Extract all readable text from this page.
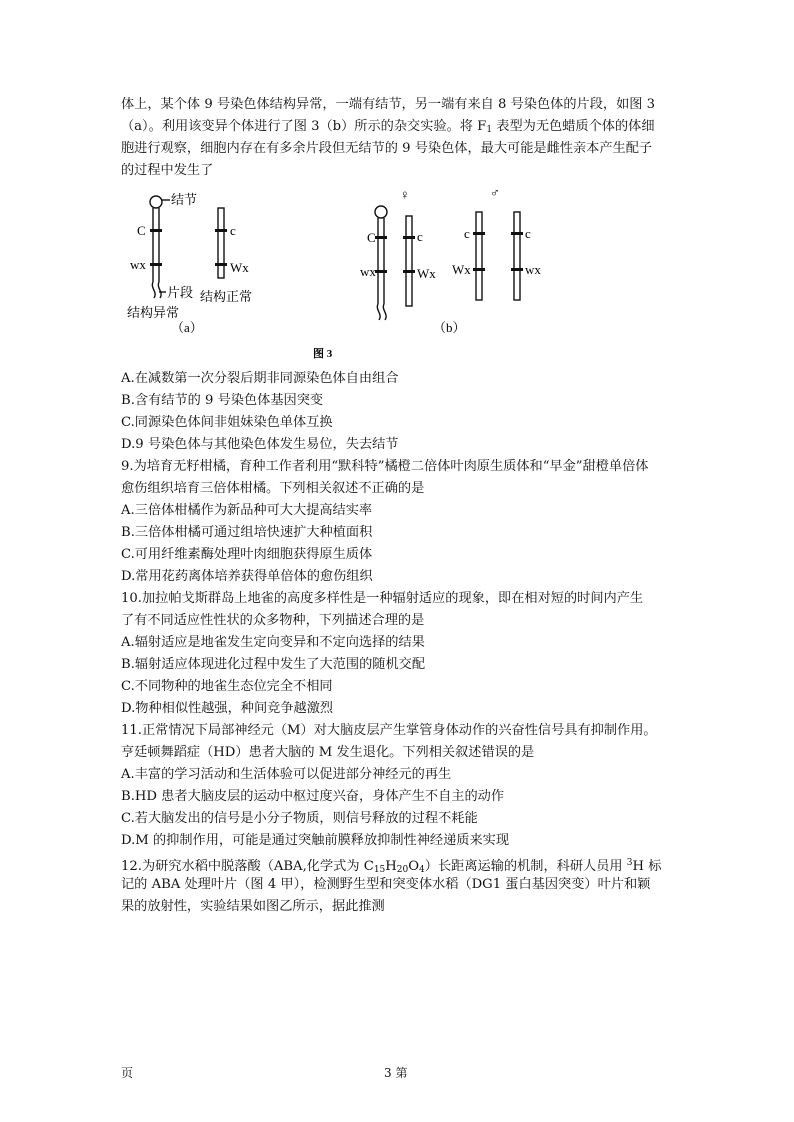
体上，某个体 9 号染色体结构异常，一端有结节，另一端有来自 8 号染色体的片段，如图 3
（a）。利用该变异个体进行了图 3（b）所示的杂交实验。将 $F_1$ 表型为无色蜡质个体的体细
胞进行观察，细胞内存在有多余片段但无结节的 9 号染色体，最大可能是雌性亲本产生配子
的过程中发生了
结节
片段
结构异常
结构正常
C
wx
c
Wx
（a）
♀	♂
C
wx
c
Wx
c
Wx
c
wx
（b）
图 3
A.在减数第一次分裂后期非同源染色体自由组合
B.含有结节的 9 号染色体基因突变
C.同源染色体间非姐妹染色单体互换
D.9 号染色体与其他染色体发生易位，失去结节
9.为培育无籽柑橘，育种工作者利用“默科特”橘橙二倍体叶肉原生质体和“早金”甜橙单倍体
愈伤组织培育三倍体柑橘。下列相关叙述不正确的是
A.三倍体柑橘作为新品种可大大提高结实率
B.三倍体柑橘可通过组培快速扩大种植面积
C.可用纤维素酶处理叶肉细胞获得原生质体
D.常用花药离体培养获得单倍体的愈伤组织
10.加拉帕戈斯群岛上地雀的高度多样性是一种辐射适应的现象，即在相对短的时间内产生
了有不同适应性性状的众多物种，下列描述合理的是
A.辐射适应是地雀发生定向变异和不定向选择的结果
B.辐射适应体现进化过程中发生了大范围的随机交配
C.不同物种的地雀生态位完全不相同
D.物种相似性越强，种间竞争越激烈
11.正常情况下局部神经元（M）对大脑皮层产生掌管身体动作的兴奋性信号具有抑制作用。
亨廷顿舞蹈症（HD）患者大脑的 M 发生退化。下列相关叙述错误的是
A.丰富的学习活动和生活体验可以促进部分神经元的再生
B.HD 患者大脑皮层的运动中枢过度兴奋，身体产生不自主的动作
C.若大脑发出的信号是小分子物质，则信号释放的过程不耗能
D.M 的抑制作用，可能是通过突触前膜释放抑制性神经递质来实现
12.为研究水稻中脱落酸（ABA,化学式为 $C_{15}H_{20}O_4$）长距离运输的机制，科研人员用 $^3$H 标
记的 ABA 处理叶片（图 4 甲），检测野生型和突变体水稻（DG1 蛋白基因突变）叶片和颖
果的放射性，实验结果如图乙所示，据此推测
页	3 第
